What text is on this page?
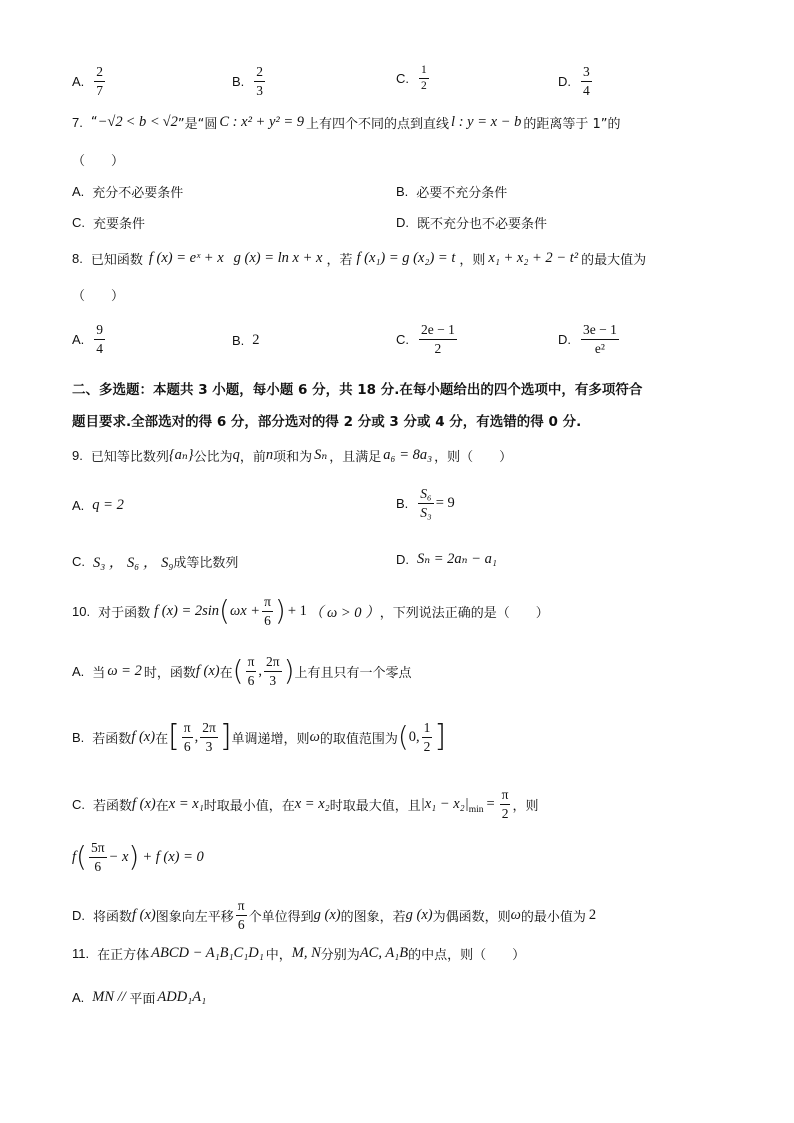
A. $\frac{2}{7}$	B. $\frac{2}{3}$	C. $\frac{1}{2}$	D. $\frac{3}{4}$
7. “ −√2 < b < √2 ”是 “圆 C : x² + y² = 9 上有四个不同的点到直线 l : y = x − b 的距离等于 1”的
（　　）
A. 充分不必要条件	B. 必要不充分条件
C. 充要条件	D. 既不充分也不必要条件
8. 已知函数 f (x) = eˣ + x g (x) = ln x + x ，若 f (x₁) = g (x₂) = t ，则 x₁ + x₂ + 2 − t² 的最大值为
（　　）
A. $\frac{9}{4}$	B. 2	C. $\frac{2e - 1}{2}$	D. $\frac{3e - 1}{\text{e²}}$
二、多选题：本题共 3 小题，每小题 6 分，共 18 分.在每小题给出的四个选项中，有多项符合
题目要求.全部选对的得 6 分，部分选对的得 2 分或 3 分或 4 分，有选错的得 0 分.
9. 已知等比数列 {aₙ} 公比为 q ，前 n 项和为 Sₙ ，且满足 a₆ = 8a₃ ，则（　　）
A. q = 2	B. $\frac{\text{S₆}}{\text{S₃}} = 9$
C. S₃ ， S₆ ， S₉ 成等比数列	D. Sₙ = 2aₙ − a₁
10. 对于函数 f (x) = 2sin ( $\omega x + \frac{\pi}{6}$ ) + 1 （ ω > 0 ） ，下列说法正确的是（　　）
A. 当 ω = 2 时，函数 f (x) 在 ( $\frac{\pi}{6}$ , $\frac{2\pi}{3}$ ) 上有且只有一个零点
B. 若函数 f (x) 在 [ $\frac{\pi}{6}$ , $\frac{2\pi}{3}$ ] 单调递增，则 ω 的取值范围为 ( 0, $\frac{1}{2}$ ]
C. 若函数 f (x) 在 x = x₁ 时取最小值，在 x = x₂ 时取最大值，且 |x₁ − x₂| $\min = \frac{\pi}{2}$ ，则
f ( $\frac{5\pi}{6} - x$ ) + f (x) = 0
D. 将函数 f (x) 图象向左平移 $\frac{\pi}{6}$ 个单位得到 g (x) 的图象，若 g (x) 为偶函数，则 ω 的最小值为 2
11. 在正方体 ABCD − A₁B₁C₁D₁ 中， M, N 分别为 AC, A₁B 的中点，则（　　）
A. MN // 平面 ADD₁A₁
